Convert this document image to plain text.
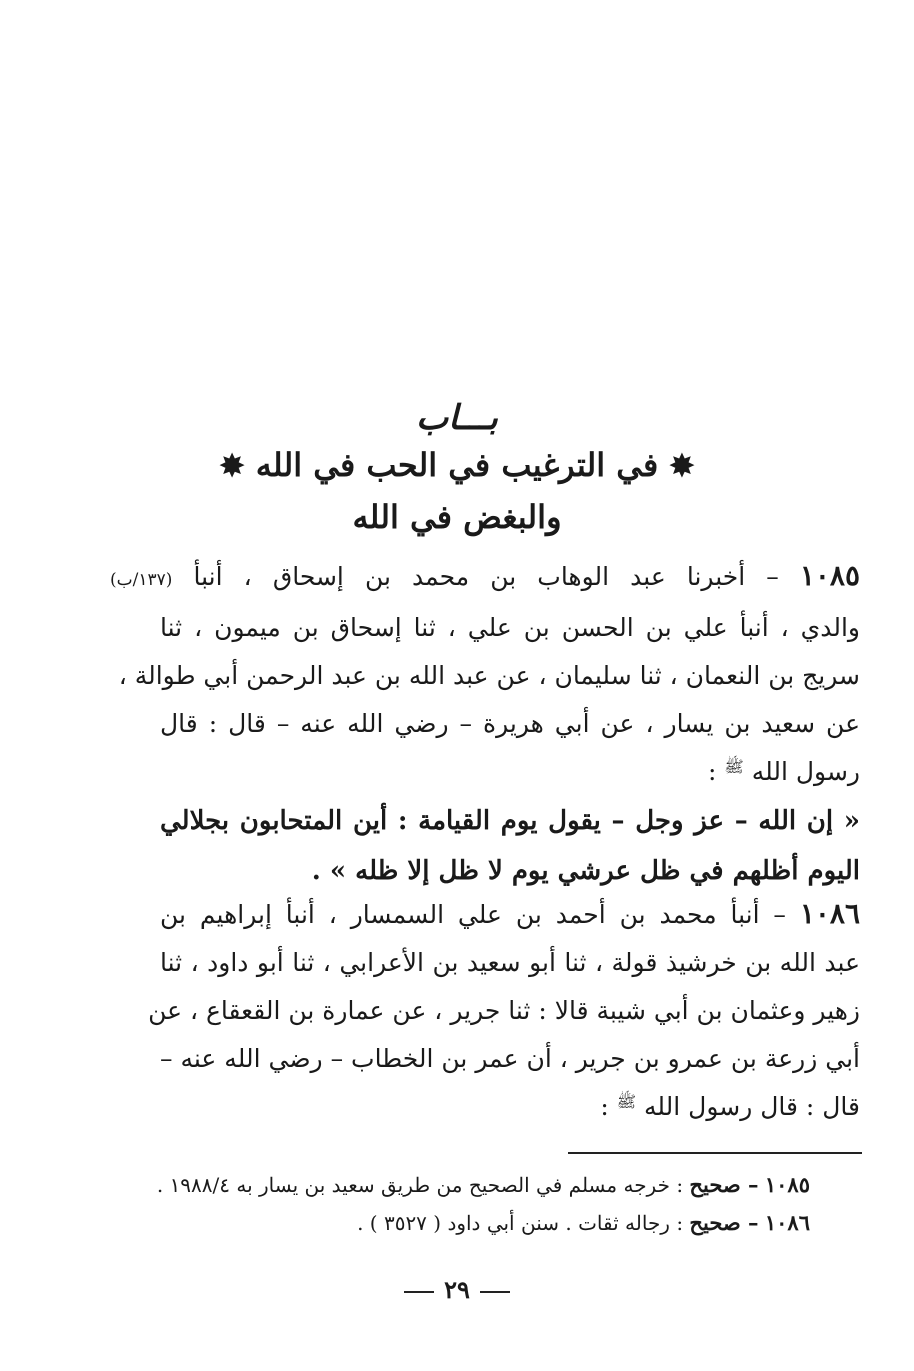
بـــاب
✸ في الترغيب في الحب في الله ✸
والبغض في الله
١٠٨٥ – أخبرنا عبد الوهاب بن محمد بن إسحاق ، أنبأ (١٣٧/ب)
والدي ، أنبأ علي بن الحسن بن علي ، ثنا إسحاق بن ميمون ، ثنا
سريج بن النعمان ، ثنا سليمان ، عن عبد الله بن عبد الرحمن أبي طوالة ،
عن سعيد بن يسار ، عن أبي هريرة – رضي الله عنه – قال : قال
رسول الله $^ﷺ$ :
« إن الله – عز وجل – يقول يوم القيامة : أين المتحابون بجلالي
اليوم أظلهم في ظل عرشي يوم لا ظل إلا ظله » .
١٠٨٦ – أنبأ محمد بن أحمد بن علي السمسار ، أنبأ إبراهيم بن
عبد الله بن خرشيذ قولة ، ثنا أبو سعيد بن الأعرابي ، ثنا أبو داود ، ثنا
زهير وعثمان بن أبي شيبة قالا : ثنا جرير ، عن عمارة بن القعقاع ، عن
أبي زرعة بن عمرو بن جرير ، أن عمر بن الخطاب – رضي الله عنه –
قال : قال رسول الله $^ﷺ$ :
١٠٨٥ – صحيح : خرجه مسلم في الصحيح من طريق سعيد بن يسار به ١٩٨٨/٤ .
١٠٨٦ – صحيح : رجاله ثقات . سنن أبي داود ( ٣٥٢٧ ) .
٢٩
